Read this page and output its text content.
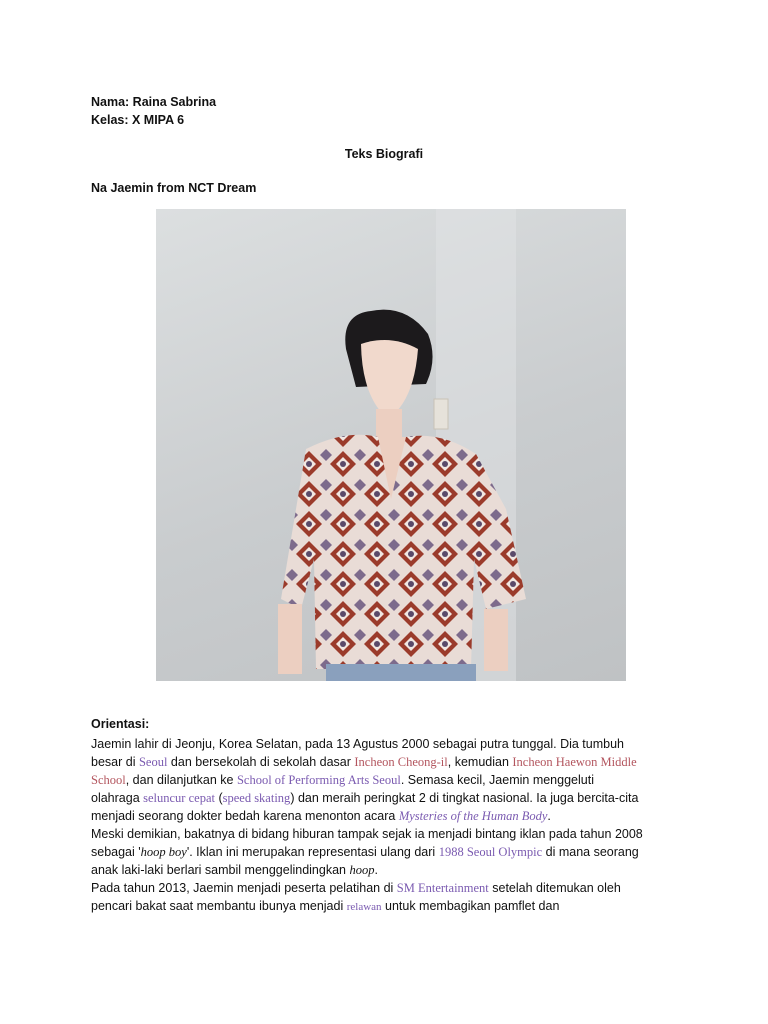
Nama: Raina Sabrina
Kelas: X MIPA 6
Teks Biografi
Na Jaemin from NCT Dream
Orientasi:
Jaemin lahir di Jeonju, Korea Selatan, pada 13 Agustus 2000 sebagai putra tunggal. Dia tumbuh
besar di Seoul dan bersekolah di sekolah dasar Incheon Cheong-il, kemudian Incheon Haewon Middle
School, dan dilanjutkan ke School of Performing Arts Seoul. Semasa kecil, Jaemin menggeluti
olahraga seluncur cepat (speed skating) dan meraih peringkat 2 di tingkat nasional. Ia juga bercita-cita
menjadi seorang dokter bedah karena menonton acara Mysteries of the Human Body.
Meski demikian, bakatnya di bidang hiburan tampak sejak ia menjadi bintang iklan pada tahun 2008
sebagai 'hoop boy'. Iklan ini merupakan representasi ulang dari 1988 Seoul Olympic di mana seorang
anak laki-laki berlari sambil menggelindingkan hoop.
Pada tahun 2013, Jaemin menjadi peserta pelatihan di SM Entertainment setelah ditemukan oleh
pencari bakat saat membantu ibunya menjadi relawan untuk membagikan pamflet dan
